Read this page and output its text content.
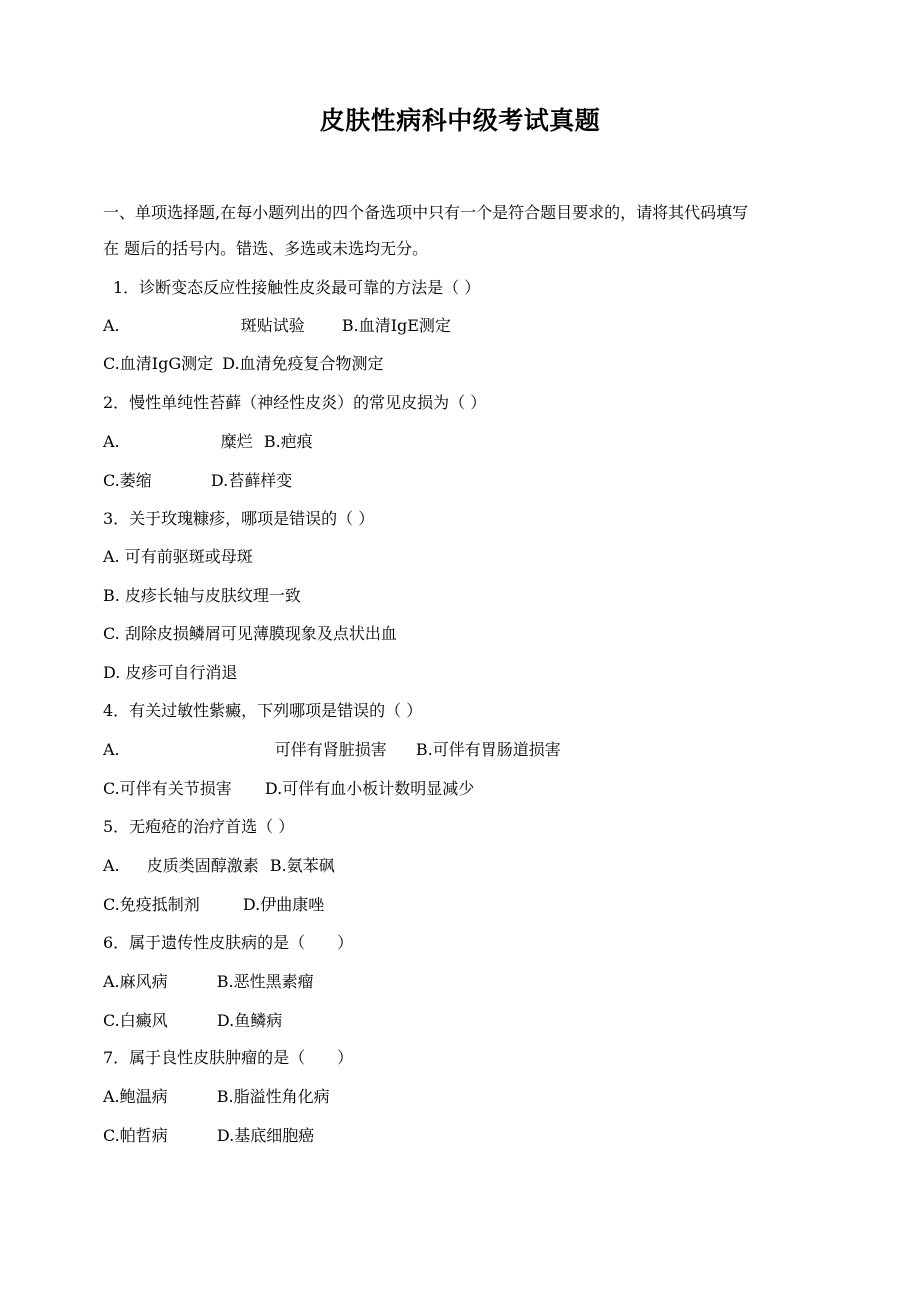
皮肤性病科中级考试真题
一、单项选择题,在每小题列出的四个备选项中只有一个是符合题目要求的，请将其代码填写
在 题后的括号内。错选、多选或未选均无分。
1．诊断变态反应性接触性皮炎最可靠的方法是（ ）
A.	斑贴试验 B.血清IgE测定
C.血清IgG测定 D.血清免疫复合物测定
2．慢性单纯性苔藓（神经性皮炎）的常见皮损为（ ）
A.	糜烂 B.疤痕
C.萎缩	D.苔藓样变
3．关于玫瑰糠疹，哪项是错误的（ ）
A. 可有前驱斑或母斑
B. 皮疹长轴与皮肤纹理一致
C. 刮除皮损鳞屑可见薄膜现象及点状出血
D. 皮疹可自行消退
4．有关过敏性紫癜，下列哪项是错误的（ ）
A.	可伴有肾脏损害 B.可伴有胃肠道损害
C.可伴有关节损害 D.可伴有血小板计数明显减少
5．无疱疮的治疗首选（ ）
A. 皮质类固醇激素 B.氨苯砜
C.免疫抵制剂	D.伊曲康唑
6．属于遗传性皮肤病的是（　　）
A.麻风病	B.恶性黑素瘤
C.白癜风	D.鱼鳞病
7．属于良性皮肤肿瘤的是（　　）
A.鲍温病	B.脂溢性角化病
C.帕哲病	D.基底细胞癌
